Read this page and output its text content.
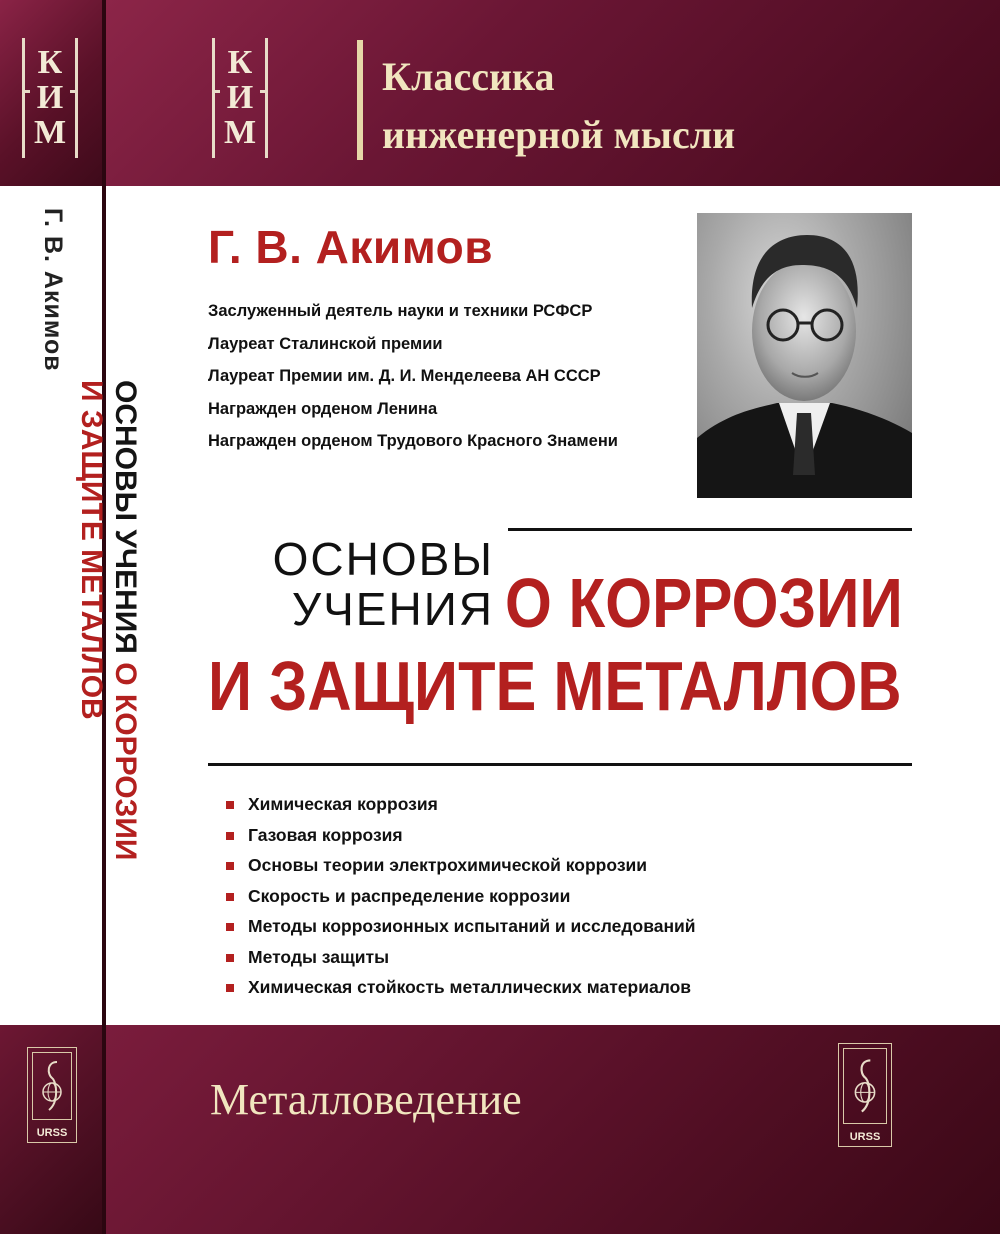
К
И
М
Г. В. Акимов
ОСНОВЫ УЧЕНИЯ О КОРРОЗИИ
И ЗАЩИТЕ МЕТАЛЛОВ
URSS
К
И
М
Классика
инженерной мысли
Г. В. Акимов
Заслуженный деятель науки и техники РСФСР
Лауреат Сталинской премии
Лауреат Премии им. Д. И. Менделеева АН СССР
Награжден орденом Ленина
Награжден орденом Трудового Красного Знамени
ОСНОВЫ
УЧЕНИЯ О КОРРОЗИИ
И ЗАЩИТЕ МЕТАЛЛОВ
Химическая коррозия
Газовая коррозия
Основы теории электрохимической коррозии
Скорость и распределение коррозии
Методы коррозионных испытаний и исследований
Методы защиты
Химическая стойкость металлических материалов
Металловедение
URSS
